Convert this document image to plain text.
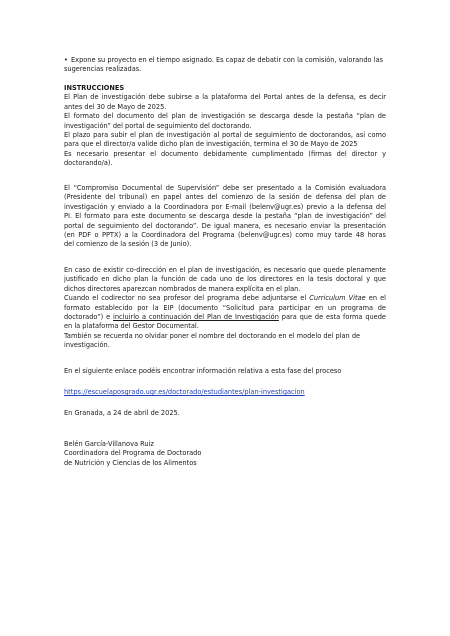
• Expone su proyecto en el tiempo asignado. Es capaz de debatir con la comisión, valorando las
sugerencias realizadas.
INSTRUCCIONES
El Plan de investigación debe subirse a la plataforma del Portal antes de la defensa, es decir
antes del 30 de Mayo de 2025.
El formato del documento del plan de investigación se descarga desde la pestaña “plan de
investigación” del portal de seguimiento del doctorando.
El plazo para subir el plan de investigación al portal de seguimiento de doctorandos, así como
para que el director/a valide dicho plan de investigación, termina el 30 de Mayo de 2025
Es necesario presentar el documento debidamente cumplimentado (firmas del director y
doctorando/a).
El “Compromiso Documental de Supervisión” debe ser presentado a la Comisión evaluadora
(Presidente del tribunal) en papel antes del comienzo de la sesión de defensa del plan de
investigación y enviado a la Coordinadora por E-mail (belenv@ugr.es) previo a la defensa del
PI. El formato para este documento se descarga desde la pestaña “plan de investigación” del
portal de seguimiento del doctorando”. De igual manera, es necesario enviar la presentación
(en PDF o PPTX) a la Coordinadora del Programa (belenv@ugr.es) como muy tarde 48 horas
del comienzo de la sesión (3 de Junio).
En caso de existir co-dirección en el plan de investigación, es necesario que quede plenamente
justificado en dicho plan la función de cada uno de los directores en la tesis doctoral y que
dichos directores aparezcan nombrados de manera explícita en el plan.
Cuando el codirector no sea profesor del programa debe adjuntarse el Curriculum Vitae en el
formato establecido por la EIP (documento “Solicitud para participar en un programa de
doctorado”) e incluirlo a continuación del Plan de Investigación para que de esta forma quede
en la plataforma del Gestor Documental.
También se recuerda no olvidar poner el nombre del doctorando en el modelo del plan de
investigación.
En el siguiente enlace podéis encontrar información relativa a esta fase del proceso
https://escuelaposgrado.ugr.es/doctorado/estudiantes/plan-investigacion
En Granada, a 24 de abril de 2025.
Belén García-Villanova Ruiz
Coordinadora del Programa de Doctorado
de Nutrición y Ciencias de los Alimentos
